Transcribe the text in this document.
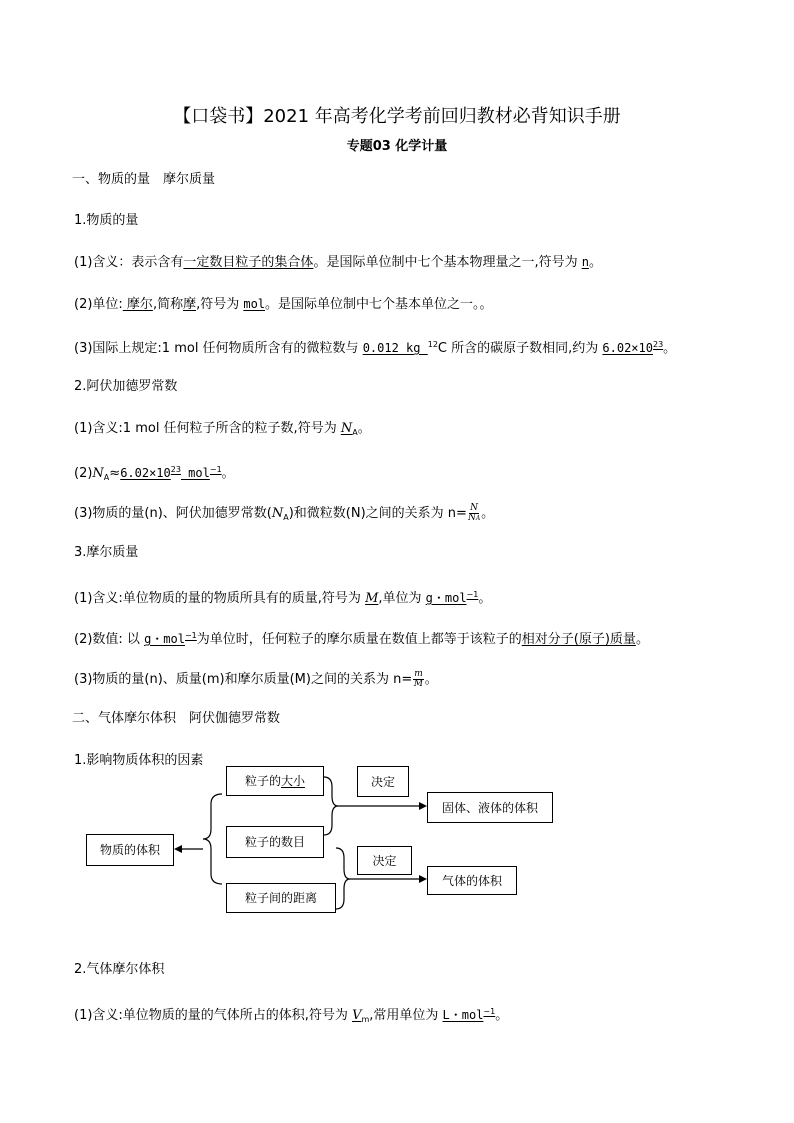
【口袋书】2021 年高考化学考前回归教材必背知识手册
专题03 化学计量
一、物质的量　摩尔质量
1.物质的量
(1)含义：表示含有一定数目粒子的集合体。是国际单位制中七个基本物理量之一,符号为 n。
(2)单位: 摩尔,简称摩,符号为 mol。是国际单位制中七个基本单位之一。。
(3)国际上规定:1 mol 任何物质所含有的微粒数与 0.012 kg $^{12}$C 所含的碳原子数相同,约为 $6.02\times 10^{23}$。
2.阿伏加德罗常数
(1)含义:1 mol 任何粒子所含的粒子数,符号为 $N_A$。
$(2)N_A\approx 6.02\times 10^{23}$ mol$^{-1}$。
(3)物质的量(n)、阿伏加德罗常数$(N_A)$和微粒数(N)之间的关系为 $n= \frac{N}{NA}$ 。
3.摩尔质量
(1)含义:单位物质的量的物质所具有的质量,符号为 M,单位为 g・mol$^{-1}$。
(2)数值: 以 g・mol$^{-1}$为单位时，任何粒子的摩尔质量在数值上都等于该粒子的相对分子(原子)质量。
(3)物质的量(n)、质量(m)和摩尔质量(M)之间的关系为 $n= \frac{m}{M}$ 。
二、气体摩尔体积　阿伏伽德罗常数
1.影响物质体积的因素
物质的体积
粒子的 大小
粒子的数目
粒子间的距离
决定
决定
固体、液体的体积
气体的体积
2.气体摩尔体积
(1)含义:单位物质的量的气体所占的体积,符号为 $V_m$,常用单位为 L・mol$^{-1}$。
